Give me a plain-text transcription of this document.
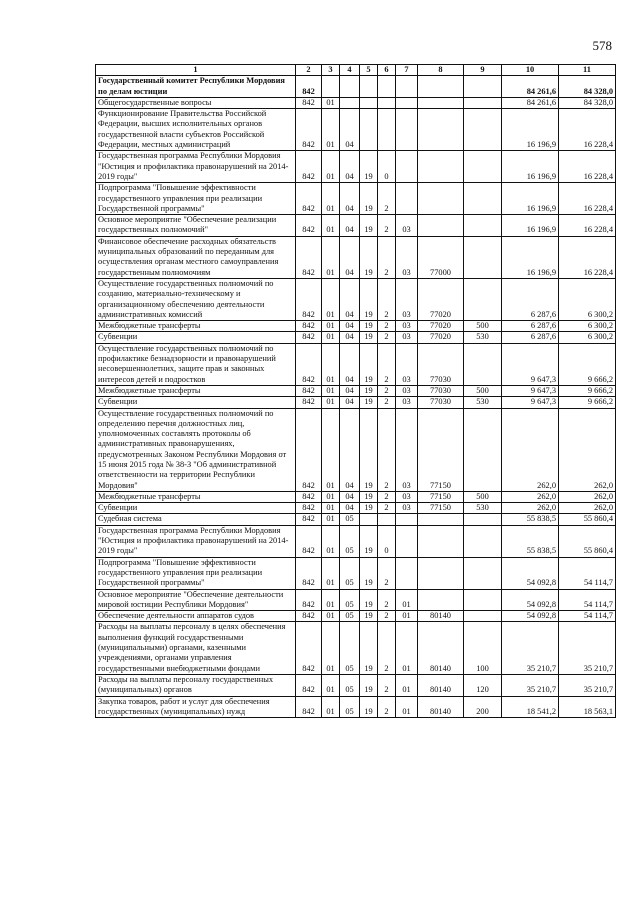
578
1	2	3	4	5	6	7	8	9	10	11
Государственный комитет Республики Мордовия по делам юстиции	842								84 261,6	84 328,0
Общегосударственные вопросы	842	01							84 261,6	84 328,0
Функционирование Правительства Российской Федерации, высших исполнительных органов государственной власти субъектов Российской Федерации, местных администраций	842	01	04						16 196,9	16 228,4
Государственная программа Республики Мордовия "Юстиция и профилактика правонарушений на 2014-2019 годы"	842	01	04	19	0				16 196,9	16 228,4
Подпрограмма "Повышение эффективности государственного управления при реализации Государственной программы"	842	01	04	19	2				16 196,9	16 228,4
Основное мероприятие "Обеспечение реализации государственных полномочий"	842	01	04	19	2	03			16 196,9	16 228,4
Финансовое обеспечение расходных обязательств муниципальных образований по переданным для осуществления органам местного самоуправления государственным полномочиям	842	01	04	19	2	03	77000		16 196,9	16 228,4
Осуществление государственных полномочий по созданию, материально-техническому и организационному обеспечению деятельности административных комиссий	842	01	04	19	2	03	77020		6 287,6	6 300,2
Межбюджетные трансферты	842	01	04	19	2	03	77020	500	6 287,6	6 300,2
Субвенции	842	01	04	19	2	03	77020	530	6 287,6	6 300,2
Осуществление государственных полномочий по профилактике безнадзорности и правонарушений несовершеннолетних, защите прав и законных интересов детей и подростков	842	01	04	19	2	03	77030		9 647,3	9 666,2
Межбюджетные трансферты	842	01	04	19	2	03	77030	500	9 647,3	9 666,2
Субвенции	842	01	04	19	2	03	77030	530	9 647,3	9 666,2
Осуществление государственных полномочий по определению перечня должностных лиц, уполномоченных составлять протоколы об административных правонарушениях, предусмотренных Законом Республики Мордовия от 15 июня 2015 года № 38-З "Об административной ответственности на территории Республики Мордовия"	842	01	04	19	2	03	77150		262,0	262,0
Межбюджетные трансферты	842	01	04	19	2	03	77150	500	262,0	262,0
Субвенции	842	01	04	19	2	03	77150	530	262,0	262,0
Судебная система	842	01	05						55 838,5	55 860,4
Государственная программа Республики Мордовия "Юстиция и профилактика правонарушений на 2014-2019 годы"	842	01	05	19	0				55 838,5	55 860,4
Подпрограмма "Повышение эффективности государственного управления при реализации Государственной программы"	842	01	05	19	2				54 092,8	54 114,7
Основное мероприятие "Обеспечение деятельности мировой юстиции Республики Мордовия"	842	01	05	19	2	01			54 092,8	54 114,7
Обеспечение деятельности аппаратов судов	842	01	05	19	2	01	80140		54 092,8	54 114,7
Расходы на выплаты персоналу в целях обеспечения выполнения функций государственными (муниципальными) органами, казенными учреждениями, органами управления государственными внебюджетными фондами	842	01	05	19	2	01	80140	100	35 210,7	35 210,7
Расходы на выплаты персоналу государственных (муниципальных) органов	842	01	05	19	2	01	80140	120	35 210,7	35 210,7
Закупка товаров, работ и услуг для обеспечения государственных (муниципальных) нужд	842	01	05	19	2	01	80140	200	18 541,2	18 563,1
